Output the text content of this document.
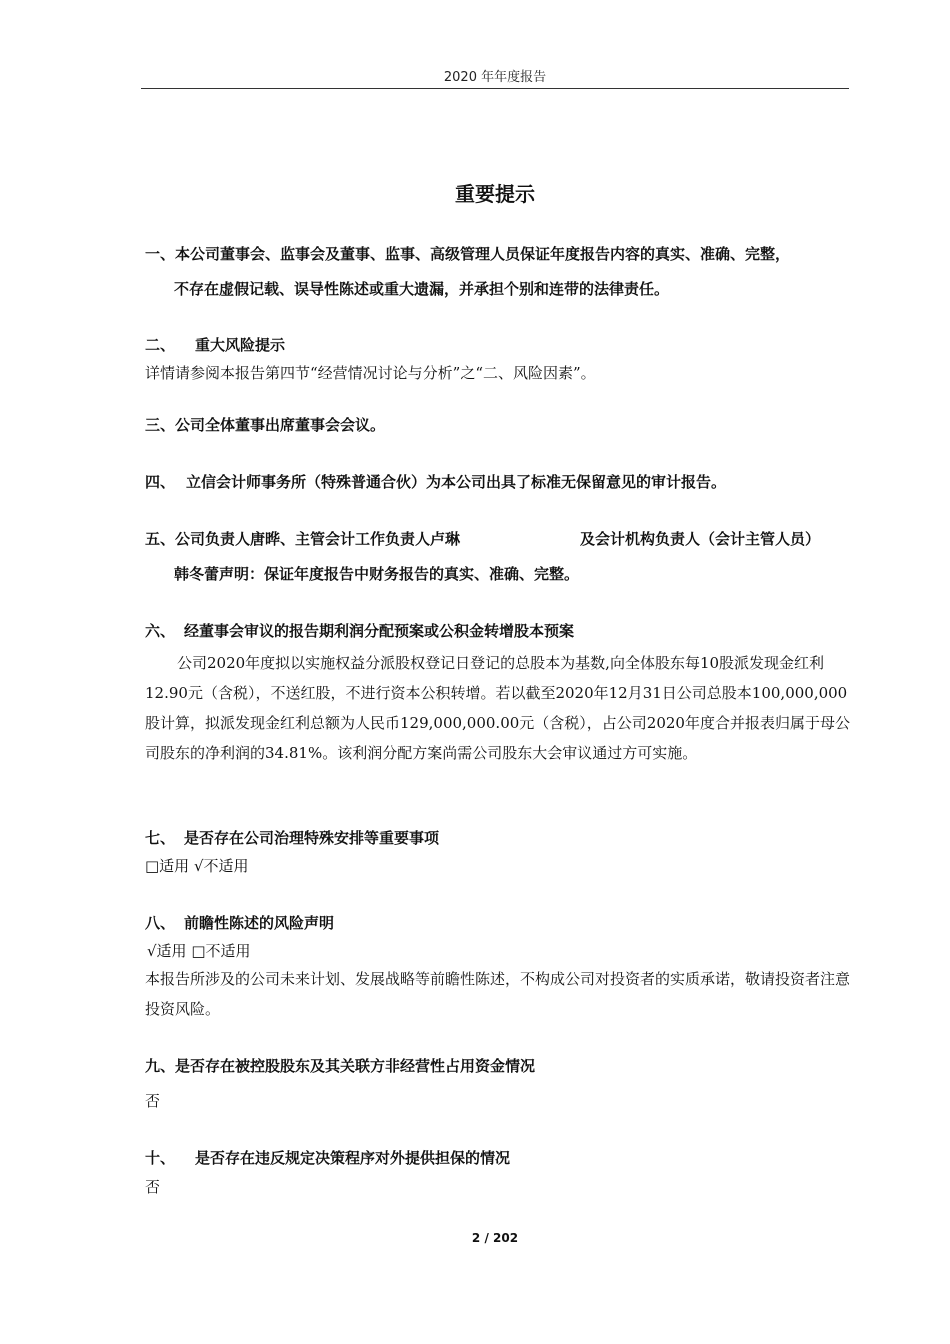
2020 年年度报告
重要提示
一、本公司董事会、监事会及董事、监事、高级管理人员保证年度报告内容的真实、准确、完整，
不存在虚假记载、误导性陈述或重大遗漏，并承担个别和连带的法律责任。
二、 重大风险提示
详情请参阅本报告第四节“经营情况讨论与分析”之“二、风险因素”。
三、公司全体董事出席董事会会议。
四、 立信会计师事务所（特殊普通合伙）为本公司出具了标准无保留意见的审计报告。
五、公司负责人唐晔、主管会计工作负责人卢琳	及会计机构负责人（会计主管人员）
韩冬蕾声明：保证年度报告中财务报告的真实、准确、完整。
六、 经董事会审议的报告期利润分配预案或公积金转增股本预案
公司2020年度拟以实施权益分派股权登记日登记的总股本为基数,向全体股东每10股派发现金红利12.90元（含税），不送红股，不进行资本公积转增。若以截至2020年12月31日公司总股本100,000,000股计算，拟派发现金红利总额为人民币129,000,000.00元（含税），占公司2020年度合并报表归属于母公司股东的净利润的34.81%。该利润分配方案尚需公司股东大会审议通过方可实施。
七、 是否存在公司治理特殊安排等重要事项
□适用 √不适用
八、 前瞻性陈述的风险声明
√适用 □不适用
本报告所涉及的公司未来计划、发展战略等前瞻性陈述，不构成公司对投资者的实质承诺，敬请投资者注意投资风险。
九、是否存在被控股股东及其关联方非经营性占用资金情况
否
十、 是否存在违反规定决策程序对外提供担保的情况
否
2 / 202
